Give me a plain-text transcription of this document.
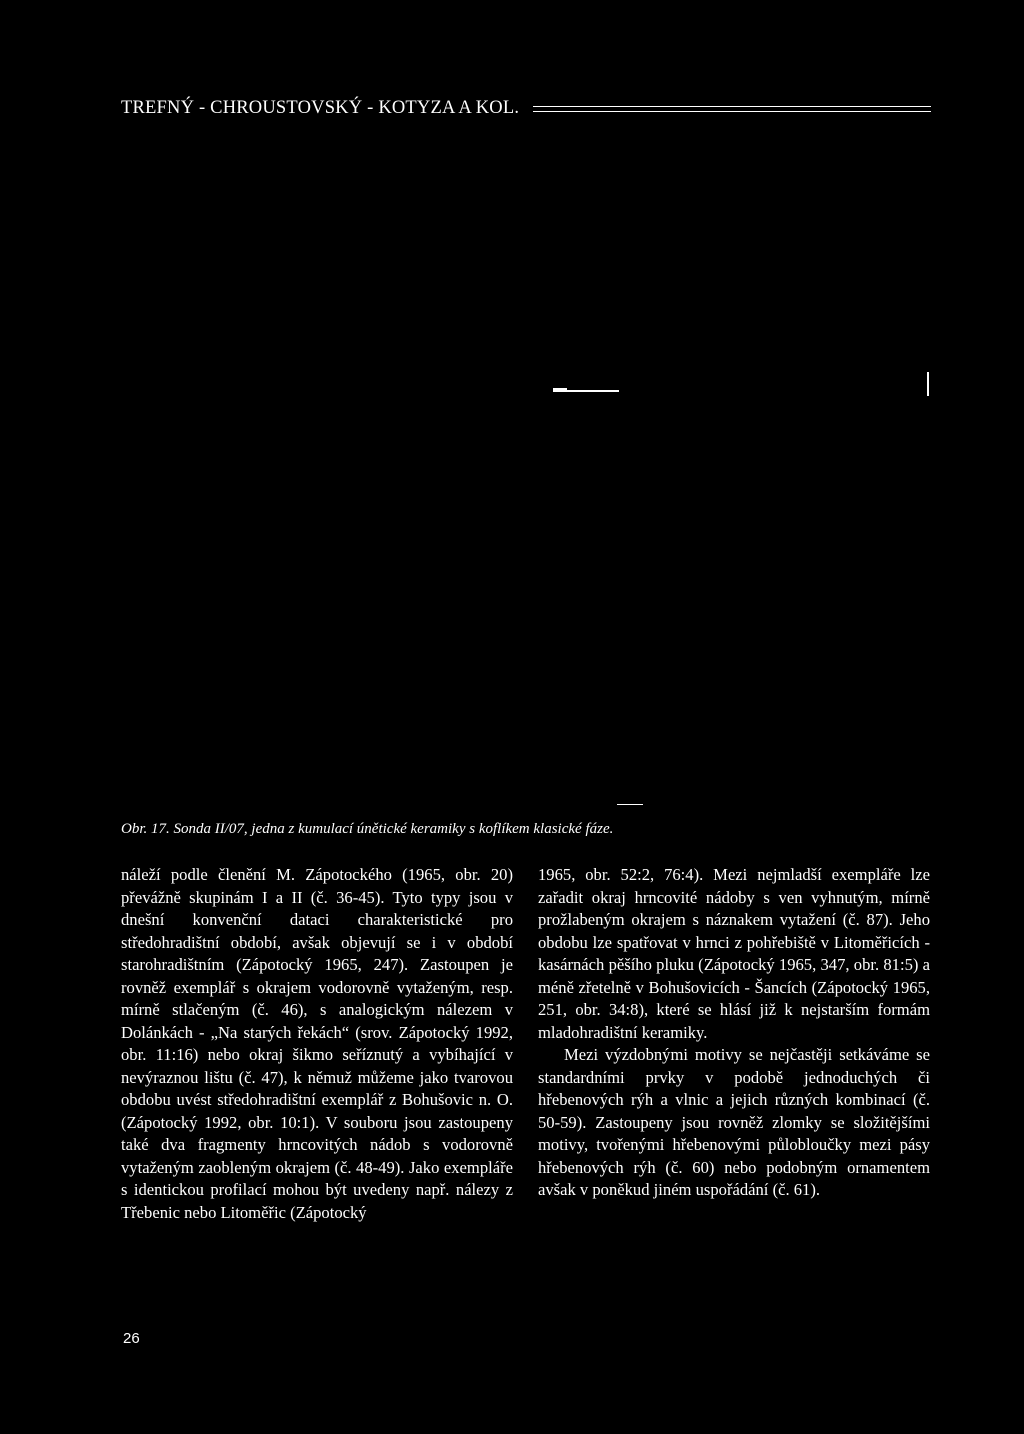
TREFNÝ - CHROUSTOVSKÝ - KOTYZA A KOL.
Obr. 17. Sonda II/07, jedna z kumulací únětické keramiky s koflíkem klasické fáze.

náleží podle členění M. Zápotockého (1965, obr. 20) převážně skupinám I a II (č. 36-45). Tyto typy jsou v dnešní konvenční dataci charakteristické pro středohradištní období, avšak objevují se i v období starohradištním (Zápotocký 1965, 247). Zastoupen je rovněž exemplář s okrajem vodorovně vytaženým, resp. mírně stlačeným (č. 46), s analogickým nálezem v Dolánkách - „Na starých řekách“ (srov. Zápotocký 1992, obr. 11:16) nebo okraj šikmo seříznutý a vybíhající v nevýraznou lištu (č. 47), k němuž můžeme jako tvarovou obdobu uvést středohradištní exemplář z Bohušovic n. O. (Zápotocký 1992, obr. 10:1). V souboru jsou zastoupeny také dva fragmenty hrncovitých nádob s vodorovně vytaženým zaobleným okrajem (č. 48-49). Jako exempláře s identickou profilací mohou být uvedeny např. nálezy z Třebenic nebo Litoměřic (Zápotocký

1965, obr. 52:2, 76:4). Mezi nejmladší exempláře lze zařadit okraj hrncovité nádoby s ven vyhnutým, mírně prožlabeným okrajem s náznakem vytažení (č. 87). Jeho obdobu lze spatřovat v hrnci z pohřebiště v Litoměřicích - kasárnách pěšího pluku (Zápotocký 1965, 347, obr. 81:5) a méně zřetelně v Bohušovicích - Šancích (Zápotocký 1965, 251, obr. 34:8), které se hlásí již k nejstarším formám mladohradištní keramiky.

Mezi výzdobnými motivy se nejčastěji setkáváme se standardními prvky v podobě jednoduchých či hřebenových rýh a vlnic a jejich různých kombinací (č. 50-59). Zastoupeny jsou rovněž zlomky se složitějšími motivy, tvořenými hřebenovými půlobloučky mezi pásy hřebenových rýh (č. 60) nebo podobným ornamentem avšak v poněkud jiném uspořádání (č. 61).

26
